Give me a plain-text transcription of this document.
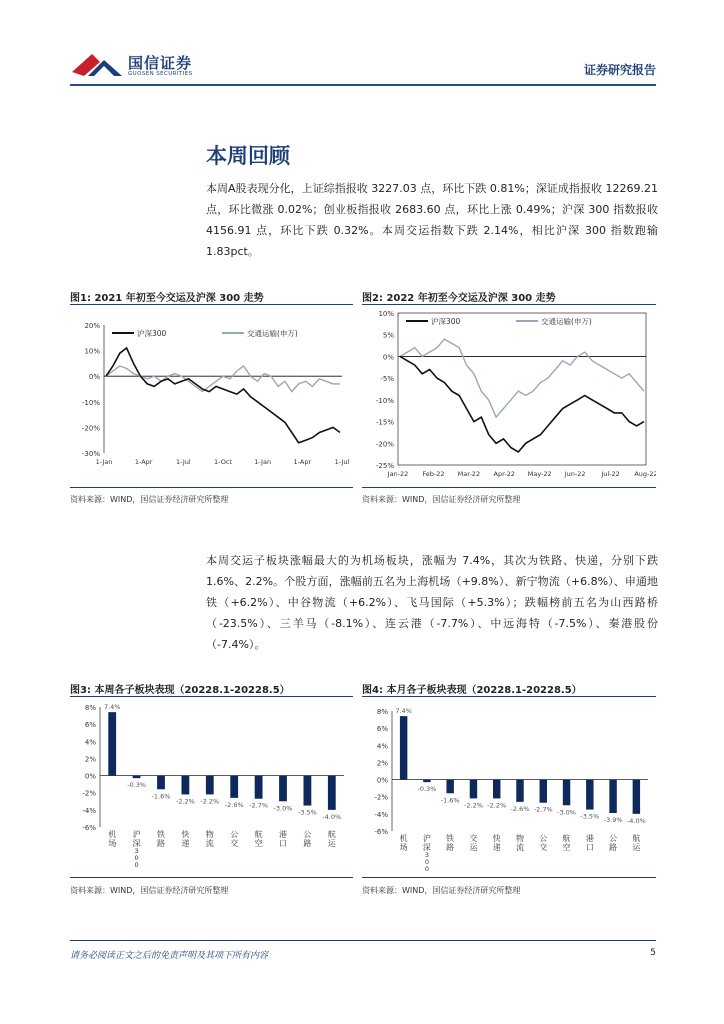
国信证券
GUOSEN SECURITIES	证券研究报告
本周回顾
本周A股表现分化，上证综指报收 3227.03 点，环比下跌 0.81%；深证成指报收 12269.21 点，环比微涨 0.02%；创业板指报收 2683.60 点，环比上涨 0.49%；沪深 300 指数报收 4156.91 点，环比下跌 0.32%。本周交运指数下跌 2.14%，相比沪深 300 指数跑输 1.83pct。
图1: 2021 年初至今交运及沪深 300 走势
20%
10%
0%
-10%
-20%
-30%
1-Jan	1-Apr	1-Jul	1-Oct	1-Jan	1-Apr	1-Jul
沪深300	交通运输(申万)
资料来源：WIND，国信证券经济研究所整理
图2: 2022 年初至今交运及沪深 300 走势
10%
5%
0%
-5%
-10%
-15%
-20%
-25%
Jan-22 Feb-22 Mar-22 Apr-22 May-22 Jun-22 Jul-22 Aug-22
沪深300	交通运输(申万)
资料来源：WIND，国信证券经济研究所整理
本周交运子板块涨幅最大的为机场板块，涨幅为 7.4%，其次为铁路、快递，分别下跌 1.6%、2.2%。个股方面，涨幅前五名为上海机场（+9.8%）、新宁物流（+6.8%）、申通地铁（+6.2%）、中谷物流（+6.2%）、飞马国际（+5.3%）；跌幅榜前五名为山西路桥（-23.5%）、三羊马（-8.1%）、连云港（-7.7%）、中远海特（-7.5%）、秦港股份（-7.4%）。
图3: 本周各子板块表现（20228.1-20228.5）
8%
6%
4%
2%
0%
-2%
-4%
-6%
7.4%
机场
-0.3%
沪深 3 0 0
-1.6%
铁路
-2.2%
快递
-2.2%
物流
-2.6%
公交
-2.7%
航空
-3.0%
港口
-3.5%
公路
-4.0%
航运
资料来源：WIND，国信证券经济研究所整理
图4: 本月各子板块表现（20228.1-20228.5）
8%
6%
4%
2%
0%
-2%
-4%
-6%
7.4%
机场
-0.3%
沪深 3 0 0
-1.6%
铁路
-2.2%
交运
-2.2%
快递
-2.6%
物流
-2.7%
公交
-3.0%
航空
-3.5%
港口
-3.9%
公路
-4.0%
航运
资料来源：WIND，国信证券经济研究所整理
请务必阅读正文之后的免责声明及其项下所有内容	5
